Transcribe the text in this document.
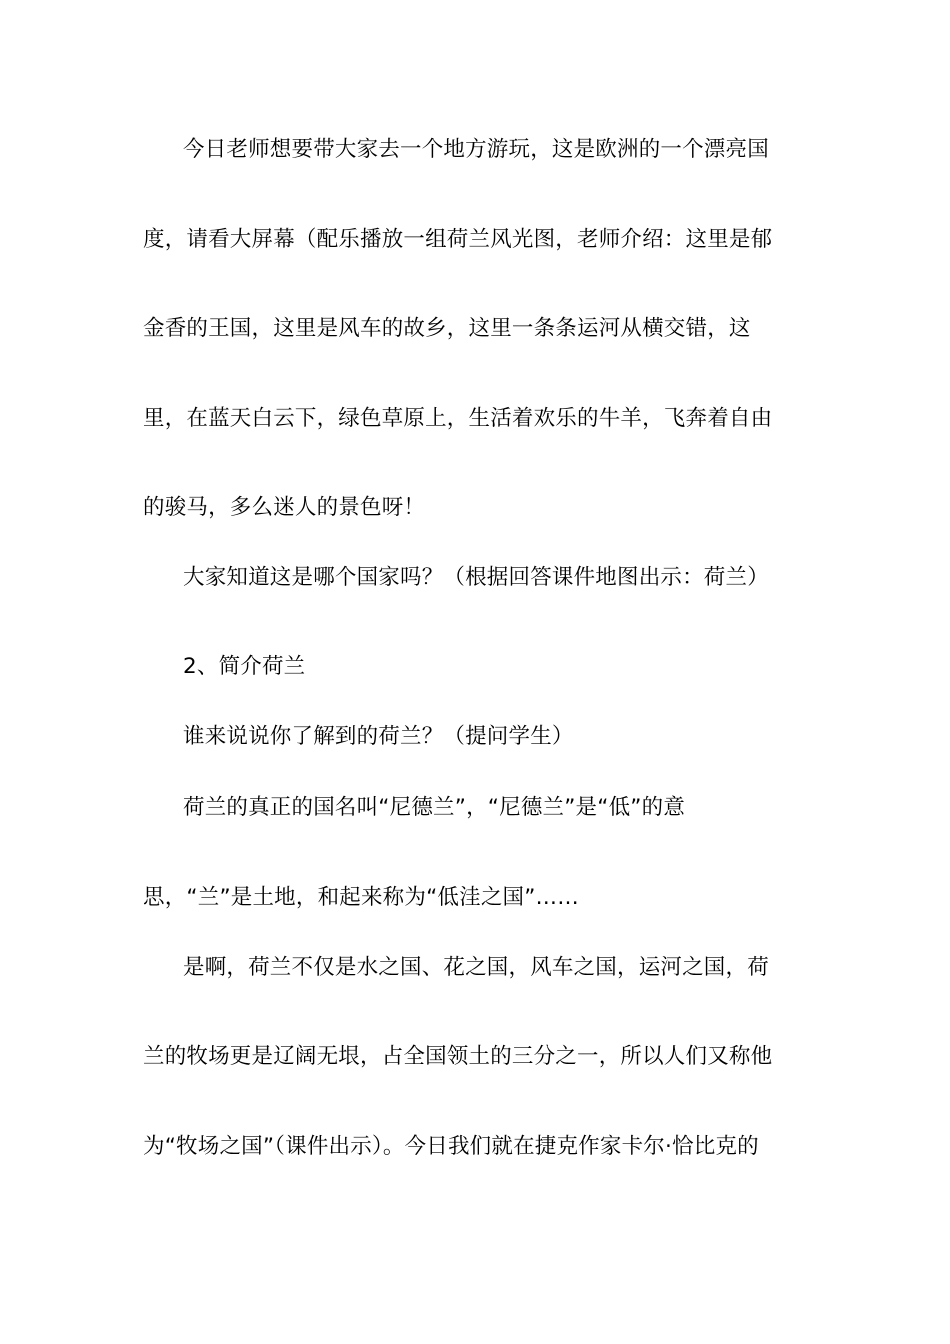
今日老师想要带大家去一个地方游玩，这是欧洲的一个漂亮国
度，请看大屏幕（配乐播放一组荷兰风光图，老师介绍：这里是郁
金香的王国，这里是风车的故乡，这里一条条运河从横交错，这
里，在蓝天白云下，绿色草原上，生活着欢乐的牛羊，飞奔着自由
的骏马，多么迷人的景色呀！
大家知道这是哪个国家吗？（根据回答课件地图出示：荷兰）
2、简介荷兰
谁来说说你了解到的荷兰？（提问学生）
荷兰的真正的国名叫“尼德兰”，“尼德兰”是“低”的意
思，“兰”是土地，和起来称为“低洼之国”……
是啊，荷兰不仅是水之国、花之国，风车之国，运河之国，荷
兰的牧场更是辽阔无垠，占全国领土的三分之一，所以人们又称他
为“牧场之国”（课件出示）。今日我们就在捷克作家卡尔·恰比克的
